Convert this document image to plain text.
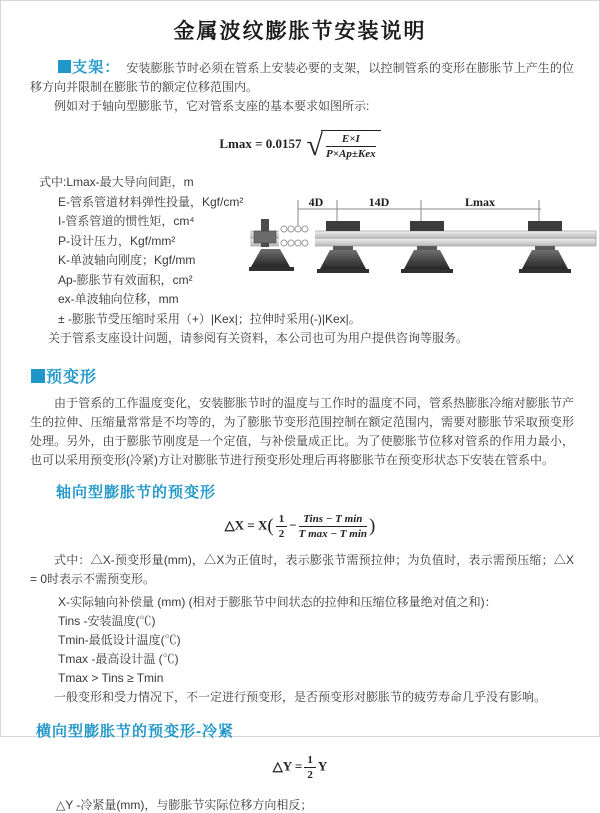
金属波纹膨胀节安装说明

支架： 安装膨胀节时必须在管系上安装必要的支架，以控制管系的变形在膨胀节上产生的位移方向并限制在膨胀节的额定位移范围内。

例如对于轴向型膨胀节，它对管系支座的基本要求如图所示:

Lmax = 0.0157 √	E×I
P×Ap±Kex
式中:Lmax-最大导向间距，m
E-管系管道材料弹性投量，Kgf/cm²
I-管系管道的惯性矩，cm⁴
P-设计压力，Kgf/mm²
K-单波轴向刚度；Kgf/mm
Ap-膨胀节有效面积，cm²
ex-单波轴向位移，mm
± -膨胀节受压缩时采用（+）|Kex|；拉伸时采用(-)|Kex|。
关于管系支座设计问题，请参阅有关资料，本公司也可为用户提供咨询等服务。
4D	14D	Lmax
预变形

由于管系的工作温度变化，安装膨胀节时的温度与工作时的温度不同，管系热膨胀冷缩对膨胀节产生的拉伸、压缩量常常是不均等的，为了膨胀节变形范围控制在额定范围内，需要对膨胀节采取预变形处理。另外，由于膨胀节刚度是一个定值，与补偿量成正比。为了使膨胀节位移对管系的作用力最小，也可以采用预变形(冷紧)方让对膨胀节进行预变形处理后再将膨胀节在预变形状态下安装在管系中。

轴向型膨胀节的预变形
△X = $X( \frac{1}{2} - \frac{\text{Tins − T min}}{\text{T max − T min}}$ )

式中：△X-预变形量(mm)，△X为正值时，表示膨张节需预拉伸；为负值时，表示需预压缩；△X = 0时表示不需预变形。

X-实际轴向补偿量 (mm) (相对于膨胀节中间状态的拉伸和压缩位移量绝对值之和)：
Tins -安装温度(℃)
Tmin-最低设计温度(℃)
Tmax -最高设计温 (℃)
Tmax > Tins ≥ Tmin

一般变形和受力情况下，不一定进行预变形，是否预变形对膨胀节的疲劳寿命几乎没有影响。

横向型膨胀节的预变形-冷紧
△Y = $\frac{1}{2}$ Y

△Y -冷紧量(mm)，与膨胀节实际位移方向相反；
